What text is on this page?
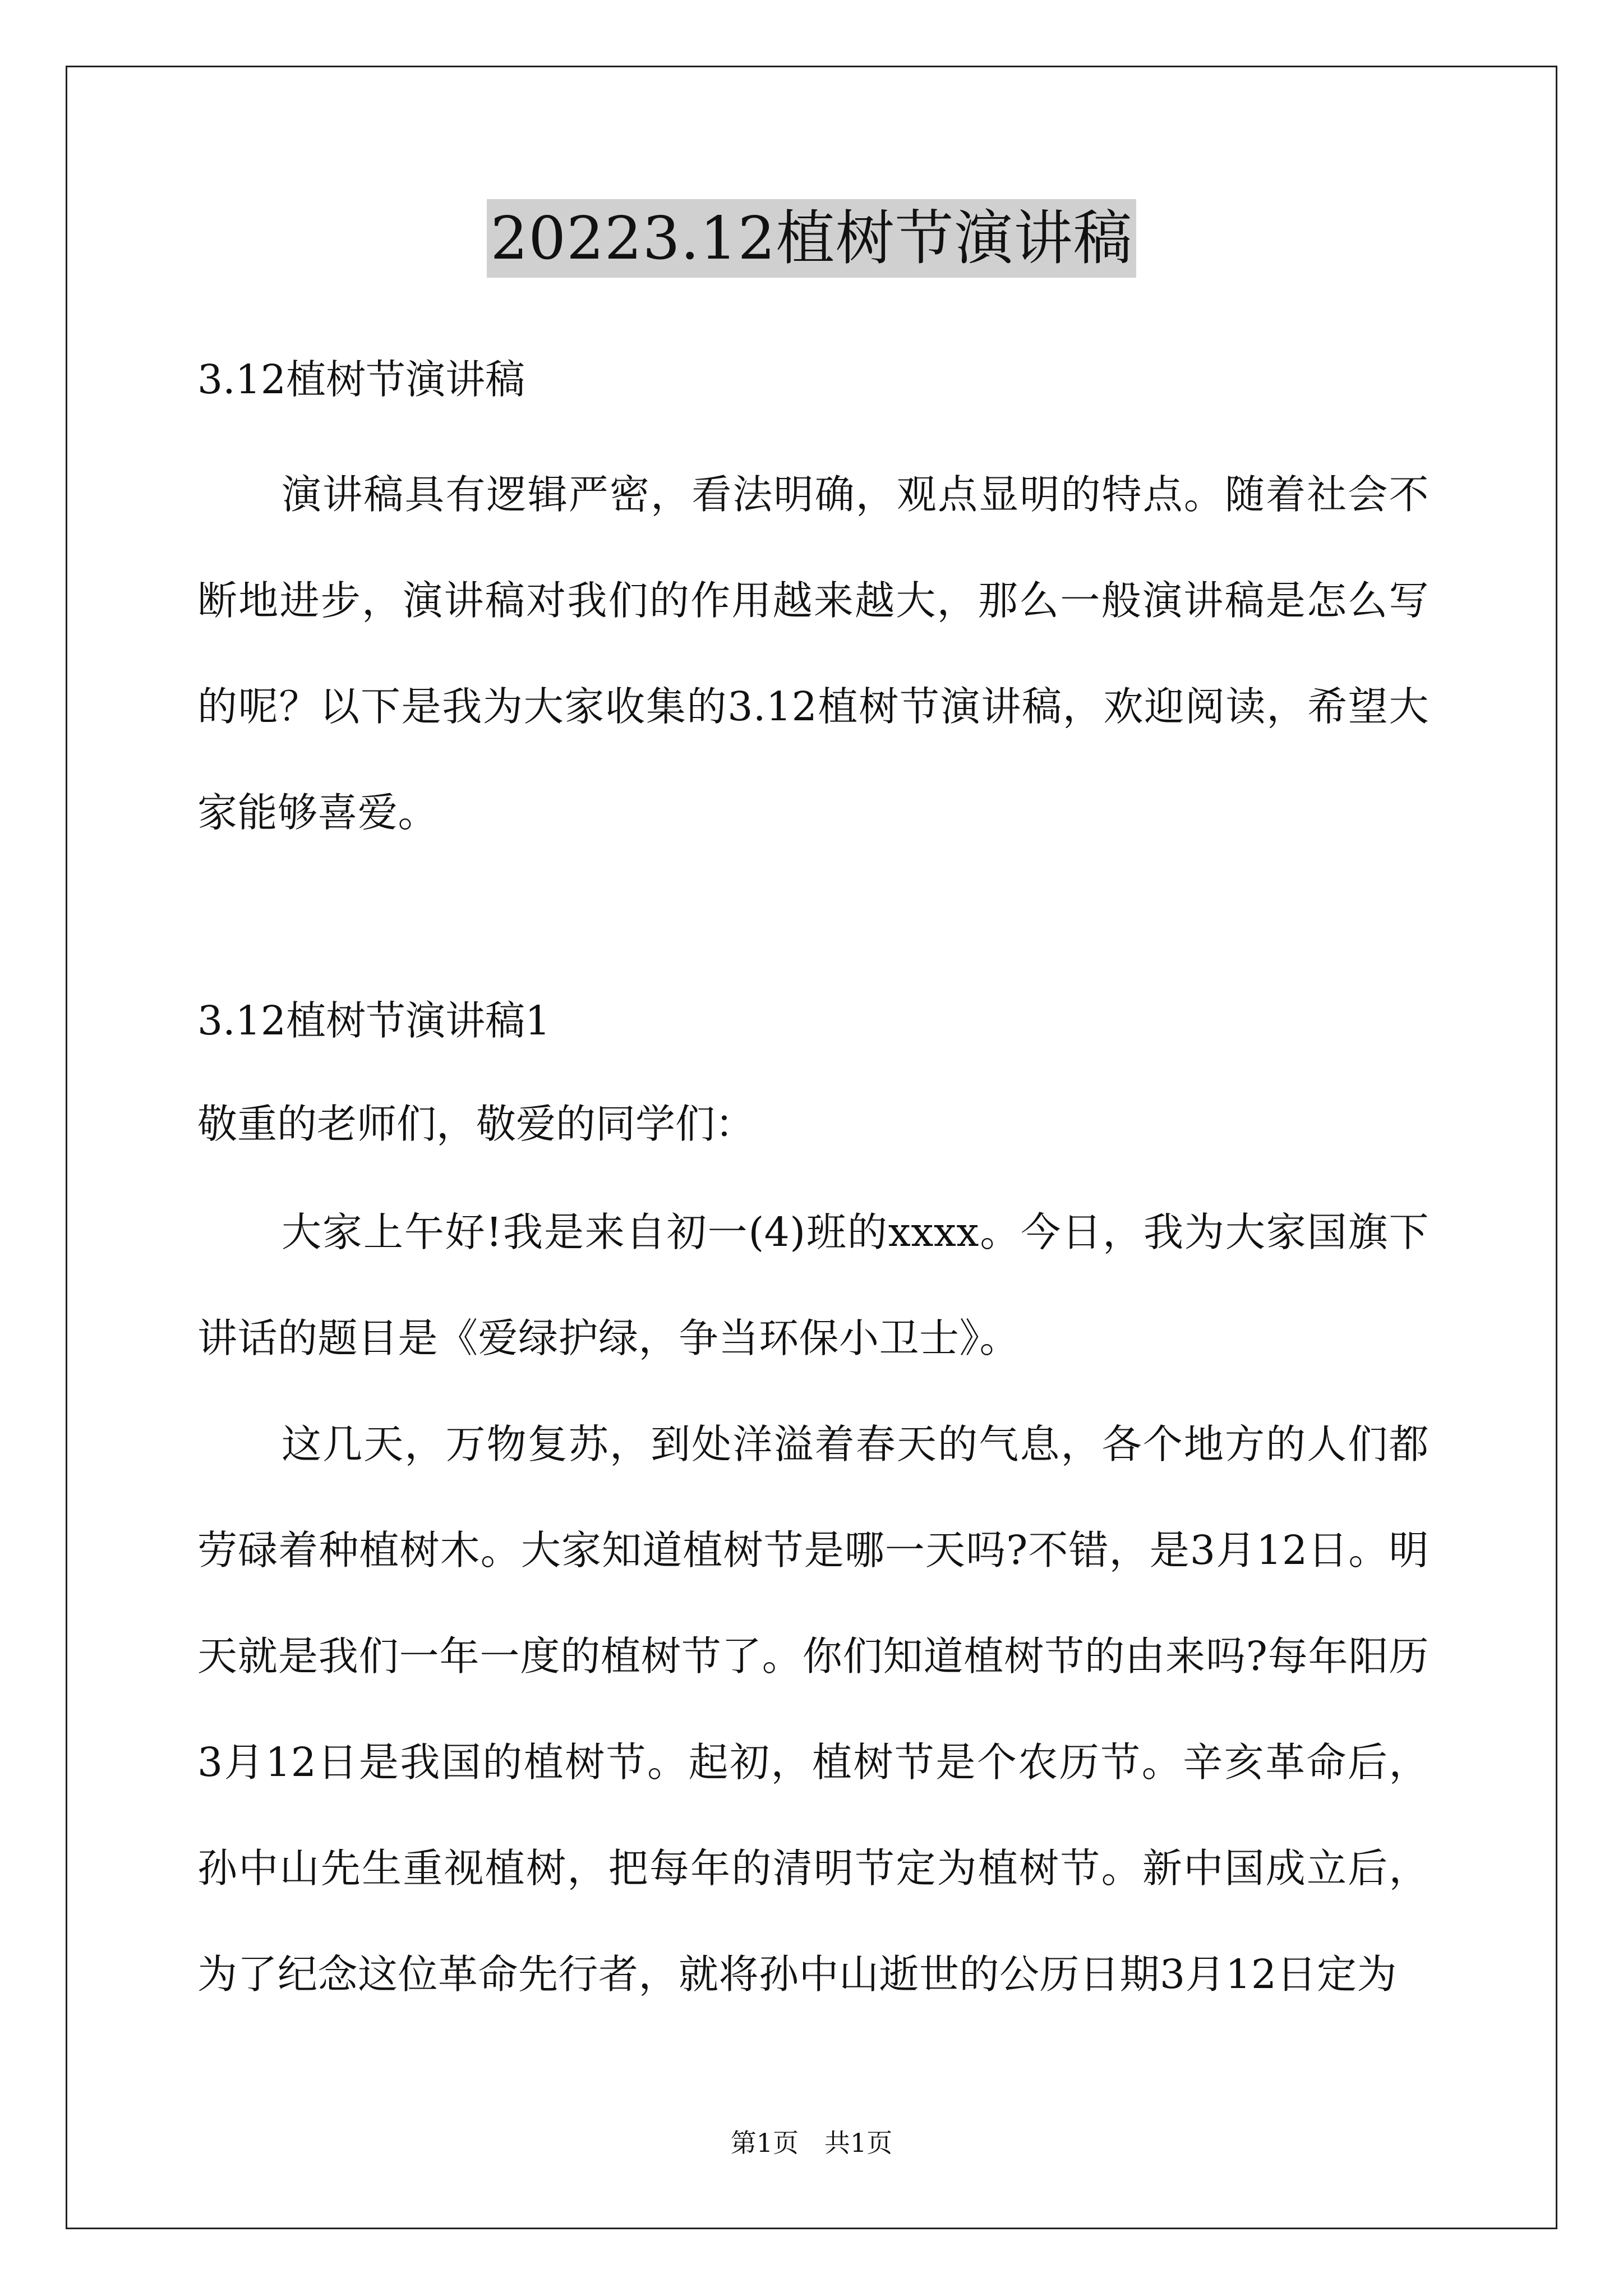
20223.12植树节演讲稿
3.12植树节演讲稿
演讲稿具有逻辑严密，看法明确，观点显明的特点。随着社会不断地进步，演讲稿对我们的作用越来越大，那么一般演讲稿是怎么写的呢？以下是我为大家收集的3.12植树节演讲稿，欢迎阅读，希望大家能够喜爱。
3.12植树节演讲稿1
敬重的老师们，敬爱的同学们：
大家上午好!我是来自初一(4)班的xxxx。今日，我为大家国旗下讲话的题目是《爱绿护绿，争当环保小卫士》。
这几天，万物复苏，到处洋溢着春天的气息，各个地方的人们都劳碌着种植树木。大家知道植树节是哪一天吗?不错，是3月12日。明天就是我们一年一度的植树节了。你们知道植树节的由来吗?每年阳历3月12日是我国的植树节。起初，植树节是个农历节。辛亥革命后，孙中山先生重视植树，把每年的清明节定为植树节。新中国成立后，为了纪念这位革命先行者，就将孙中山逝世的公历日期3月12日定为
第1页　共1页
